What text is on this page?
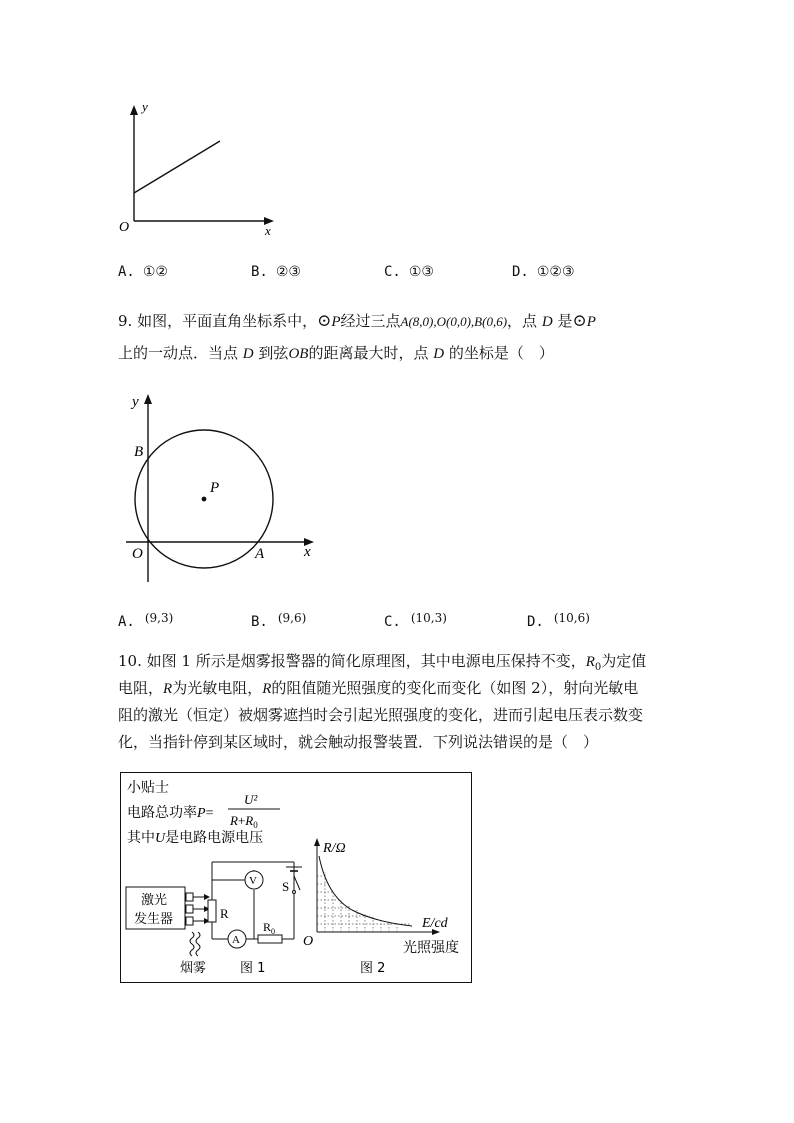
y
x
O
A. ①②	B. ②③	C. ①③	D. ①②③
9. 如图，平面直角坐标系中，⊙P经过三点A(8,0),O(0,0),B(0,6)，点 D 是⊙P
上的一动点．当点 D 到弦OB的距离最大时，点 D 的坐标是（　）
y
x
B
P
O	A
A. (9,3)	B. (9,6)	C. (10,3)	D. (10,6)
10. 如图 1 所示是烟雾报警器的简化原理图，其中电源电压保持不变，$R_0$为定值
电阻，R为光敏电阻，R的阻值随光照强度的变化而变化（如图 2），射向光敏电
阻的激光（恒定）被烟雾遮挡时会引起光照强度的变化，进而引起电压表示数变
化，当指针停到某区域时，就会触动报警装置．下列说法错误的是（　）
小贴士
电路总功率P=
U²
$R+R_0$
其中U是电路电源电压
激光
发生器
烟雾
R
V
A
$R_0$
S
图 1
R/Ω
E/cd
O	光照强度
图 2
